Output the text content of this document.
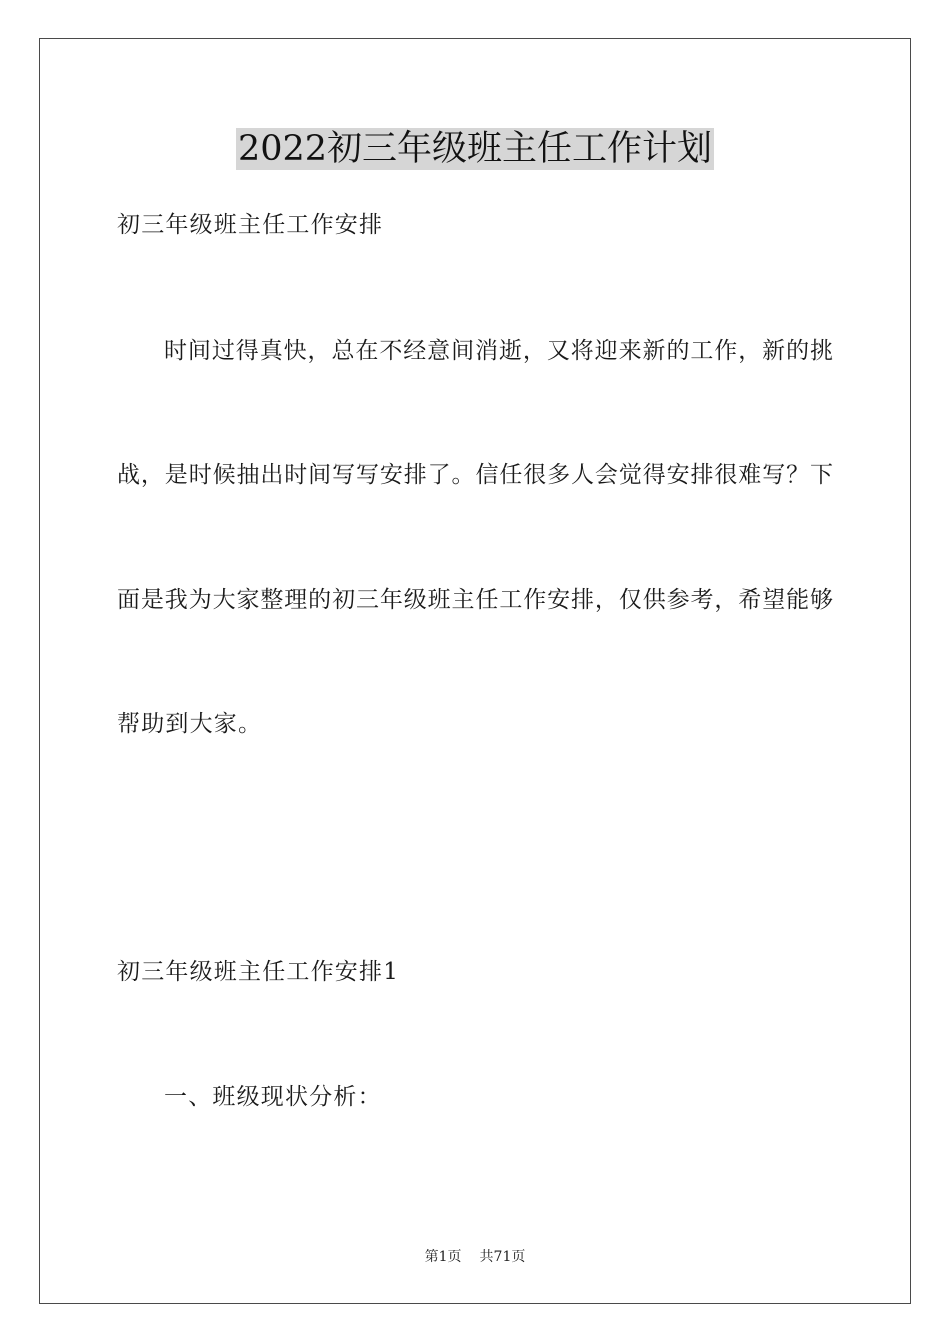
2022初三年级班主任工作计划
初三年级班主任工作安排
时间过得真快，总在不经意间消逝，又将迎来新的工作，新的挑
战，是时候抽出时间写写安排了。信任很多人会觉得安排很难写？下
面是我为大家整理的初三年级班主任工作安排，仅供参考，希望能够
帮助到大家。
初三年级班主任工作安排1
一、班级现状分析：
第1页 共71页
